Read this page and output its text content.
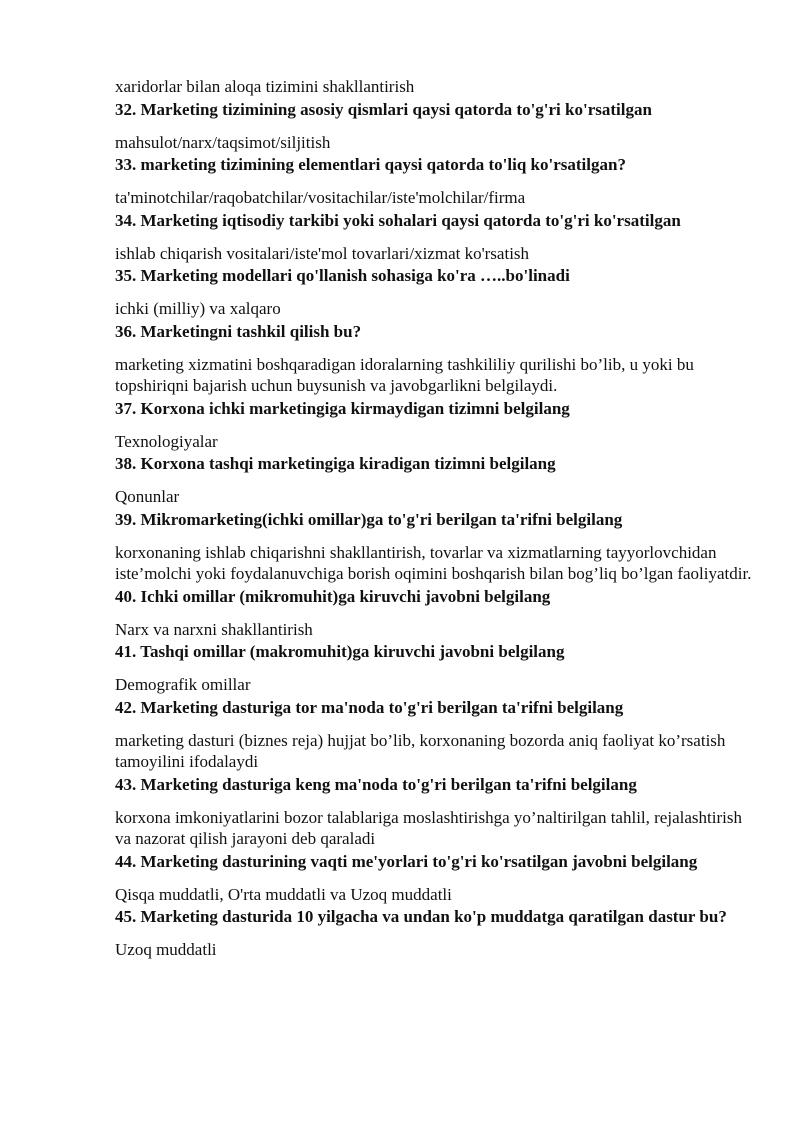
xaridorlar bilan aloqa tizimini shakllantirish

32. Marketing tizimining asosiy qismlari qaysi qatorda to'g'ri ko'rsatilgan

mahsulot/narx/taqsimot/siljitish

33. marketing tizimining elementlari qaysi qatorda to'liq ko'rsatilgan?

ta'minotchilar/raqobatchilar/vositachilar/iste'molchilar/firma

34. Marketing iqtisodiy tarkibi yoki sohalari qaysi qatorda to'g'ri ko'rsatilgan

ishlab chiqarish vositalari/iste'mol tovarlari/xizmat ko'rsatish

35. Marketing modellari qo'llanish sohasiga ko'ra …..bo'linadi

ichki (milliy) va xalqaro

36. Marketingni tashkil qilish bu?

marketing xizmatini boshqaradigan idoralarning tashkililiy qurilishi bo’lib, u yoki bu topshiriqni bajarish uchun buysunish va javobgarlikni belgilaydi.

37. Korxona ichki marketingiga kirmaydigan tizimni belgilang

Texnologiyalar

38. Korxona tashqi marketingiga kiradigan tizimni belgilang

Qonunlar

39. Mikromarketing(ichki omillar)ga to'g'ri berilgan ta'rifni belgilang

korxonaning ishlab chiqarishni shakllantirish, tovarlar va xizmatlarning tayyorlovchidan iste’molchi yoki foydalanuvchiga borish oqimini boshqarish bilan bog’liq bo’lgan faoliyatdir.

40. Ichki omillar (mikromuhit)ga kiruvchi javobni belgilang

Narx va narxni shakllantirish

41. Tashqi omillar (makromuhit)ga kiruvchi javobni belgilang

Demografik omillar

42. Marketing dasturiga tor ma'noda to'g'ri berilgan ta'rifni belgilang

marketing dasturi (biznes reja) hujjat bo’lib, korxonaning bozorda aniq faoliyat ko’rsatish tamoyilini ifodalaydi

43. Marketing dasturiga keng ma'noda to'g'ri berilgan ta'rifni belgilang

korxona imkoniyatlarini bozor talablariga moslashtirishga yo’naltirilgan tahlil, rejalashtirish va nazorat qilish jarayoni deb qaraladi

44. Marketing dasturining vaqti me'yorlari to'g'ri ko'rsatilgan javobni belgilang

Qisqa muddatli, O'rta muddatli va Uzoq muddatli

45. Marketing dasturida 10 yilgacha va undan ko'p muddatga qaratilgan dastur bu?

Uzoq muddatli
